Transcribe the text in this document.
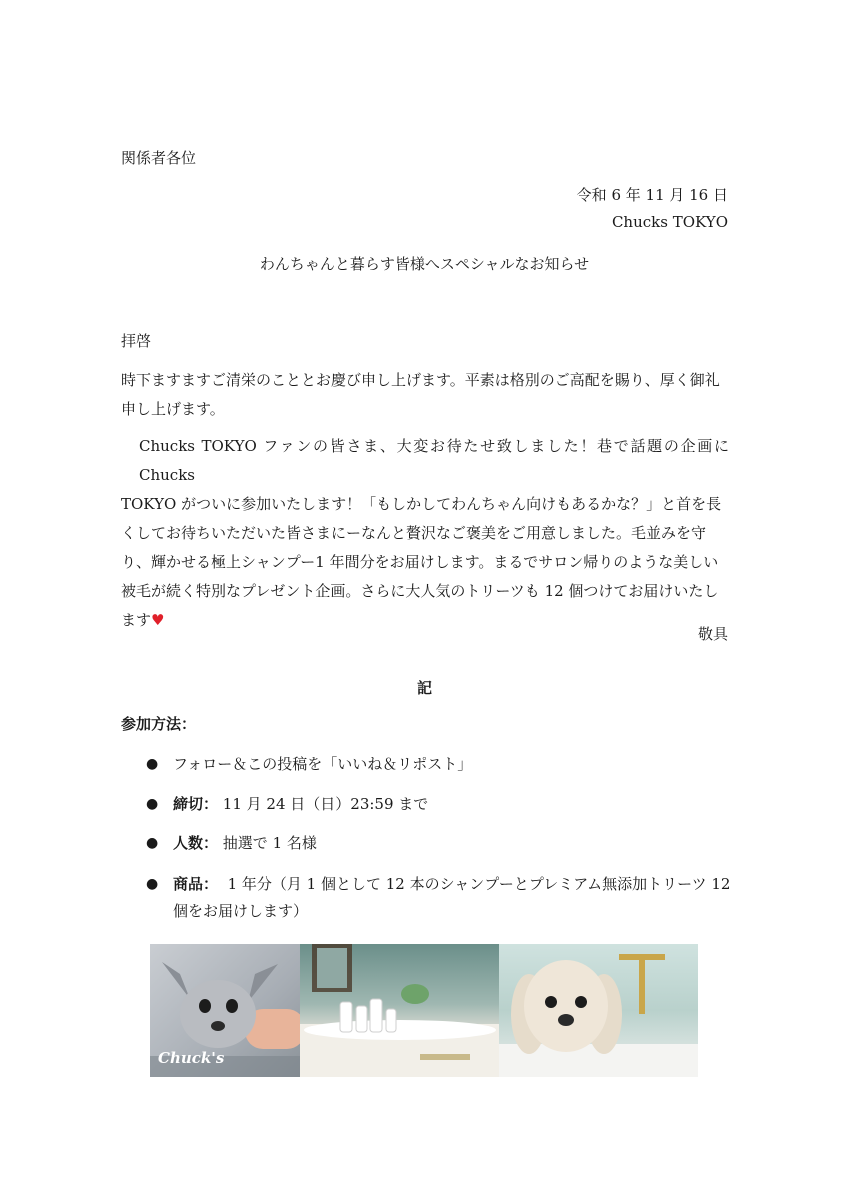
関係者各位
令和 6 年 11 月 16 日
Chucks TOKYO
わんちゃんと暮らす皆様へスペシャルなお知らせ
拝啓
時下ますますご清栄のこととお慶び申し上げます。平素は格別のご高配を賜り、厚く御礼
申し上げます。
Chucks TOKYO ファンの皆さま、大変お待たせ致しました！巷で話題の企画に Chucks
TOKYO がついに参加いたします！「もしかしてわんちゃん向けもあるかな？」と首を長
くしてお待ちいただいた皆さまにーなんと贅沢なご褒美をご用意しました。毛並みを守
り、輝かせる極上シャンプー1 年間分をお届けします。まるでサロン帰りのような美しい
被毛が続く特別なプレゼント企画。さらに大人気のトリーツも 12 個つけてお届けいたし
ます♥
敬具
記
参加方法：
● フォロー＆この投稿を「いいね＆リポスト」
● 締切： 11 月 24 日（日）23:59 まで
● 人数： 抽選で 1 名様
● 商品： 1 年分（月 1 個として 12 本のシャンプーとプレミアム無添加トリーツ 12
個をお届けします）
Chuck's
